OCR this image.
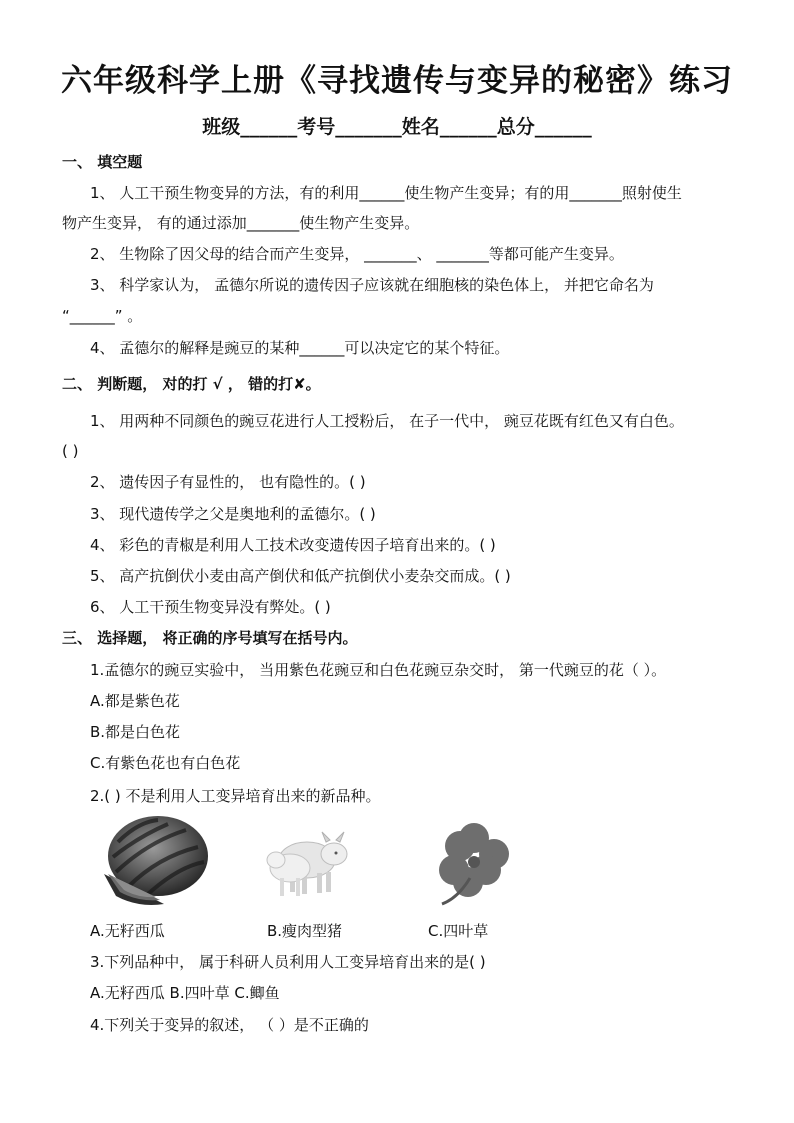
六年级科学上册《寻找遗传与变异的秘密》练习
班级______考号_______姓名______总分______
一、 填空题
1、 人工干预生物变异的方法，有的利用______使生物产生变异；有的用_______照射使生
物产生变异， 有的通过添加_______使生物产生变异。
2、 生物除了因父母的结合而产生变异， _______、 _______等都可能产生变异。
3、 科学家认为， 孟德尔所说的遗传因子应该就在细胞核的染色体上， 并把它命名为
“______” 。
4、 孟德尔的解释是豌豆的某种______可以决定它的某个特征。
二、 判断题， 对的打 √ ， 错的打✘。
1、 用两种不同颜色的豌豆花进行人工授粉后， 在子一代中， 豌豆花既有红色又有白色。
( )
2、 遗传因子有显性的， 也有隐性的。( )
3、 现代遗传学之父是奥地利的孟德尔。( )
4、 彩色的青椒是利用人工技术改变遗传因子培育出来的。( )
5、 高产抗倒伏小麦由高产倒伏和低产抗倒伏小麦杂交而成。( )
6、 人工干预生物变异没有弊处。( )
三、 选择题， 将正确的序号填写在括号内。
1.孟德尔的豌豆实验中， 当用紫色花豌豆和白色花豌豆杂交时， 第一代豌豆的花（ ）。
A.都是紫色花
B.都是白色花
C.有紫色花也有白色花
2.( ) 不是利用人工变异培育出来的新品种。
A.无籽西瓜	B.瘦肉型猪	C.四叶草
3.下列品种中， 属于科研人员利用人工变异培育出来的是( )
A.无籽西瓜 B.四叶草 C.鲫鱼
4.下列关于变异的叙述， （ ）是不正确的
